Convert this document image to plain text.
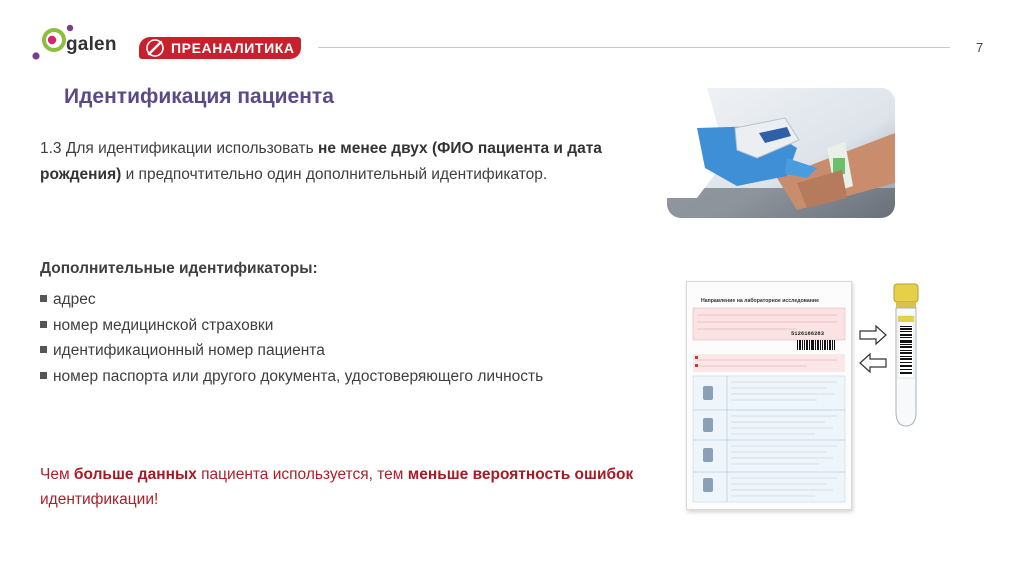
galen	ПРЕАНАЛИТИКА	7
Идентификация пациента
1.3 Для идентификации использовать не менее двух (ФИО пациента и дата рождения) и предпочтительно один дополнительный идентификатор.
Дополнительные идентификаторы:
адрес
номер медицинской страховки
идентификационный номер пациента
номер паспорта или другого документа, удостоверяющего личность
Чем больше данных пациента используется, тем меньше вероятность ошибок идентификации!
Направление на лабораторное исследование
5126166283
